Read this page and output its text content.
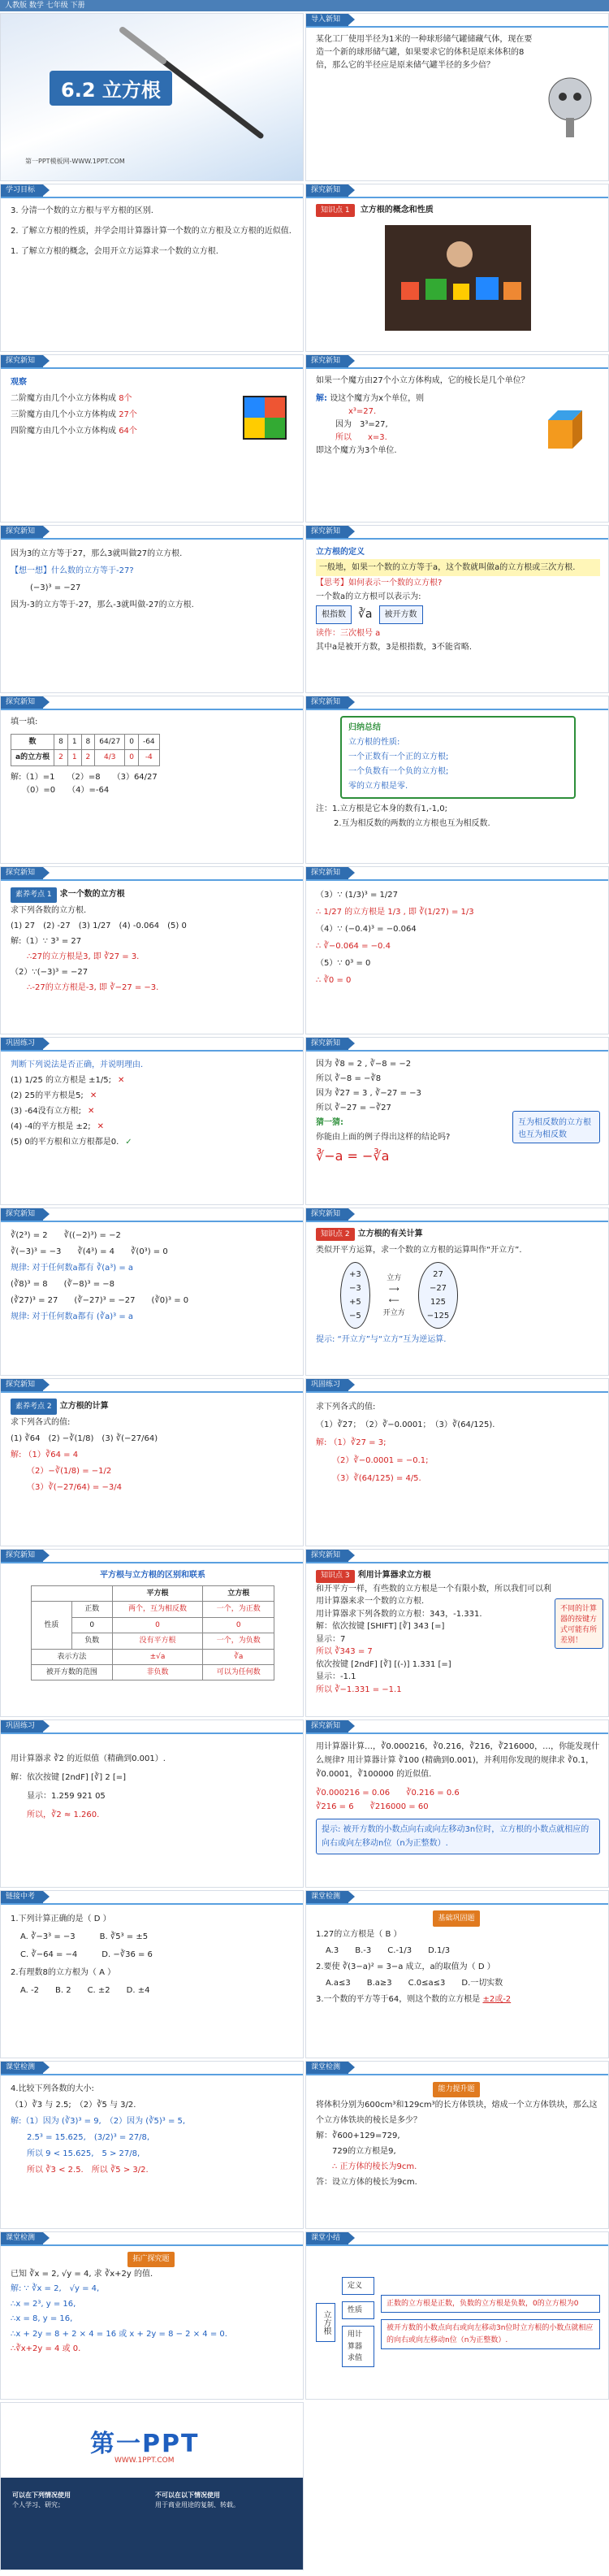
人教版 数学 七年级 下册
6.2 立方根
第一PPT模板网-WWW.1PPT.COM
导入新知
某化工厂使用半径为1米的一种球形储气罐储藏气体，现在要造一个新的球形储气罐，如果要求它的体积是原来体积的8倍，那么它的半径应是原来储气罐半径的多少倍？
学习目标
3. 分清一个数的立方根与平方根的区别.
2. 了解立方根的性质，并学会用计算器计算一个数的立方根及立方根的近似值.
1. 了解立方根的概念，会用开立方运算求一个数的立方根.
探究新知
知识点 1 立方根的概念和性质
探究新知
观察
二阶魔方由几个小立方体构成 8个
三阶魔方由几个小立方体构成 27个
四阶魔方由几个小立方体构成 64个
探究新知
如果一个魔方由27个小立方体构成，它的棱长是几个单位？
解: 设这个魔方为x个单位，则
x³=27.
因为　3³=27,
所以　　x=3.
即这个魔方为3个单位.
探究新知
因为3的立方等于27，那么3就叫做27的立方根.
【想一想】什么数的立方等于-27?
(−3)³ = −27
因为-3的立方等于-27，那么-3就叫做-27的立方根.
探究新知
立方根的定义
一般地，如果一个数的立方等于a，这个数就叫做a的立方根或三次方根.
【思考】如何表示一个数的立方根?
一个数a的立方根可以表示为:
根指数	∛a	被开方数
读作：三次根号 a
其中a是被开方数，3是根指数，3不能省略.
探究新知
填一填:
数	8	1	8	64/27	0	-64
a的立方根	2	1	2	4/3	0	-4
解:（1）=1　　（2）=8　　（3）64/27
（0）=0　　（4）=-64
探究新知
归纳总结
立方根的性质:
一个正数有一个正的立方根;
一个负数有一个负的立方根;
零的立方根是零.
注：1.立方根是它本身的数有1,-1,0;
2.互为相反数的两数的立方根也互为相反数.
探究新知
素养考点 1 求一个数的立方根
求下列各数的立方根.
(1) 27　(2) -27　(3) 1/27　(4) -0.064　(5) 0
解:（1）∵ 3³ = 27
∴27的立方根是3, 即 ∛27 = 3.
（2）∵(−3)³ = −27
∴-27的立方根是-3, 即 ∛−27 = −3.
探究新知
（3）∵ (1/3)³ = 1/27
∴ 1/27 的立方根是 1/3 , 即 ∛(1/27) = 1/3
（4）∵ (−0.4)³ = −0.064
∴ ∛−0.064 = −0.4
（5）∵ 0³ = 0
∴ ∛0 = 0
巩固练习
判断下列说法是否正确，并说明理由.
(1) 1/25 的立方根是 ±1/5; ✕
(2) 25的平方根是5; ✕
(3) -64没有立方根; ✕
(4) -4的平方根是 ±2; ✕
(5) 0的平方根和立方根都是0. ✓
探究新知
因为 ∛8 = 2 , ∛−8 = −2
所以 ∛−8 = −∛8
因为 ∛27 = 3 , ∛−27 = −3
所以 ∛−27 = −∛27
猜一猜:
你能由上面的例子得出这样的结论吗?
∛−a = −∛a
互为相反数的立方根也互为相反数
探究新知
∛(2³) = 2　　∛((−2)³) = −2
∛(−3)³ = −3　　∛(4³) = 4　　∛(0³) = 0
规律: 对于任何数a都有 ∛(a³) = a
(∛8)³ = 8　　(∛−8)³ = −8
(∛27)³ = 27　　(∛−27)³ = −27　　(∛0)³ = 0
规律: 对于任何数a都有 (∛a)³ = a
探究新知
知识点 2 立方根的有关计算
类似开平方运算，求一个数的立方根的运算叫作“开立方”.
+3
−3
+5
−5
立方
⟶
⟵
开立方
27
−27
125
−125
提示: “开立方”与“立方”互为逆运算.
探究新知
素养考点 2 立方根的计算
求下列各式的值:
(1) ∛64　(2) −∛(1/8)　(3) ∛(−27/64)
解: （1）∛64 = 4
（2）−∛(1/8) = −1/2
（3）∛(−27/64) = −3/4
巩固练习
求下列各式的值:
（1）∛27；　（2）∛−0.0001；　（3）∛(64/125).
解: （1）∛27 = 3;
（2）∛−0.0001 = −0.1;
（3）∛(64/125) = 4/5.
探究新知
平方根与立方根的区别和联系
		平方根	立方根
性质	正数	两个，互为相反数	一个，为正数
	0	0	0
	负数	没有平方根	一个，为负数
表示方法		±√a	∛a
被开方数的范围		非负数	可以为任何数
探究新知
知识点 3 利用计算器求立方根
和开平方一样，有些数的立方根是一个有限小数，所以我们可以利用计算器来求一个数的立方根.
用计算器求下列各数的立方根：343，-1.331.
解：依次按键 [SHIFT] [∛] 343 [=]
显示：7
所以 ∛343 = 7
依次按键 [2ndF] [∛] [(-)] 1.331 [=]
显示：-1.1
所以 ∛−1.331 = −1.1
不同的计算器的按键方式可能有所差别！
巩固练习
用计算器求 ∛2 的近似值（精确到0.001）.
解：依次按键 [2ndF] [∛] 2 [=]
显示：1.259 921 05
所以，∛2 ≈ 1.260.
探究新知
用计算器计算…，∛0.000216，∛0.216，∛216，∛216000，…，你能发现什么规律? 用计算器计算 ∛100 (精确到0.001)，并利用你发现的规律求 ∛0.1，∛0.0001，∛100000 的近似值.
∛0.000216 = 0.06　　∛0.216 = 0.6
∛216 = 6　　∛216000 = 60
提示: 被开方数的小数点向右或向左移动3n位时，立方根的小数点就相应的向右或向左移动n位（n为正整数）.
链接中考
1.下列计算正确的是（ D ）
A. ∛−3³ = −3　　　B. ∛5³ = ±5
C. ∛−64 = −4　　　D. −∛36 = 6
2.有理数8的立方根为（ A ）
A. -2　　B. 2　　C. ±2　　D. ±4
课堂检测
基础巩固题
1.27的立方根是（ B ）
A.3　　B.-3　　C.-1/3　　D.1/3
2.要使 ∛(3−a)² = 3−a 成立，a的取值为（ D ）
A.a≤3　　B.a≥3　　C.0≤a≤3　　D.一切实数
3.一个数的平方等于64，则这个数的立方根是 ±2或-2
课堂检测
4.比较下列各数的大小:
（1）∛3 与 2.5;　（2）∛5 与 3/2.
解:（1）因为 (∛3)³ = 9,　（2）因为 (∛5)³ = 5,
2.5³ = 15.625,　(3/2)³ = 27/8,
所以 9 < 15.625,　5 > 27/8,
所以 ∛3 < 2.5.　所以 ∛5 > 3/2.
课堂检测
能力提升题
将体积分别为600cm³和129cm³的长方体铁块，熔成一个立方体铁块，那么这个立方体铁块的棱长是多少？
解：∛600+129=729,
729的立方根是9,
∴ 正方体的棱长为9cm.
答：设立方体的棱长为9cm.
课堂检测
拓广探究题
已知 ∛x = 2, √y = 4, 求 ∛x+2y 的值.
解: ∵ ∛x = 2,　√y = 4,
∴x = 2³, y = 16,
∴x = 8, y = 16,
∴x + 2y = 8 + 2 × 4 = 16 或 x + 2y = 8 − 2 × 4 = 0.
∴∛x+2y = 4 或 0.
课堂小结
立方根
定义
性质
用计算器求值
正数的立方根是正数，负数的立方根是负数，0的立方根为0
被开方数的小数点向右或向左移动3n位时立方根的小数点就相应的向右或向左移动n位（n为正整数）.
第一PPT
WWW.1PPT.COM
可以在下列情况使用
个人学习、研究；
不可以在以下情况使用
用于商业用途的复制、转载。
